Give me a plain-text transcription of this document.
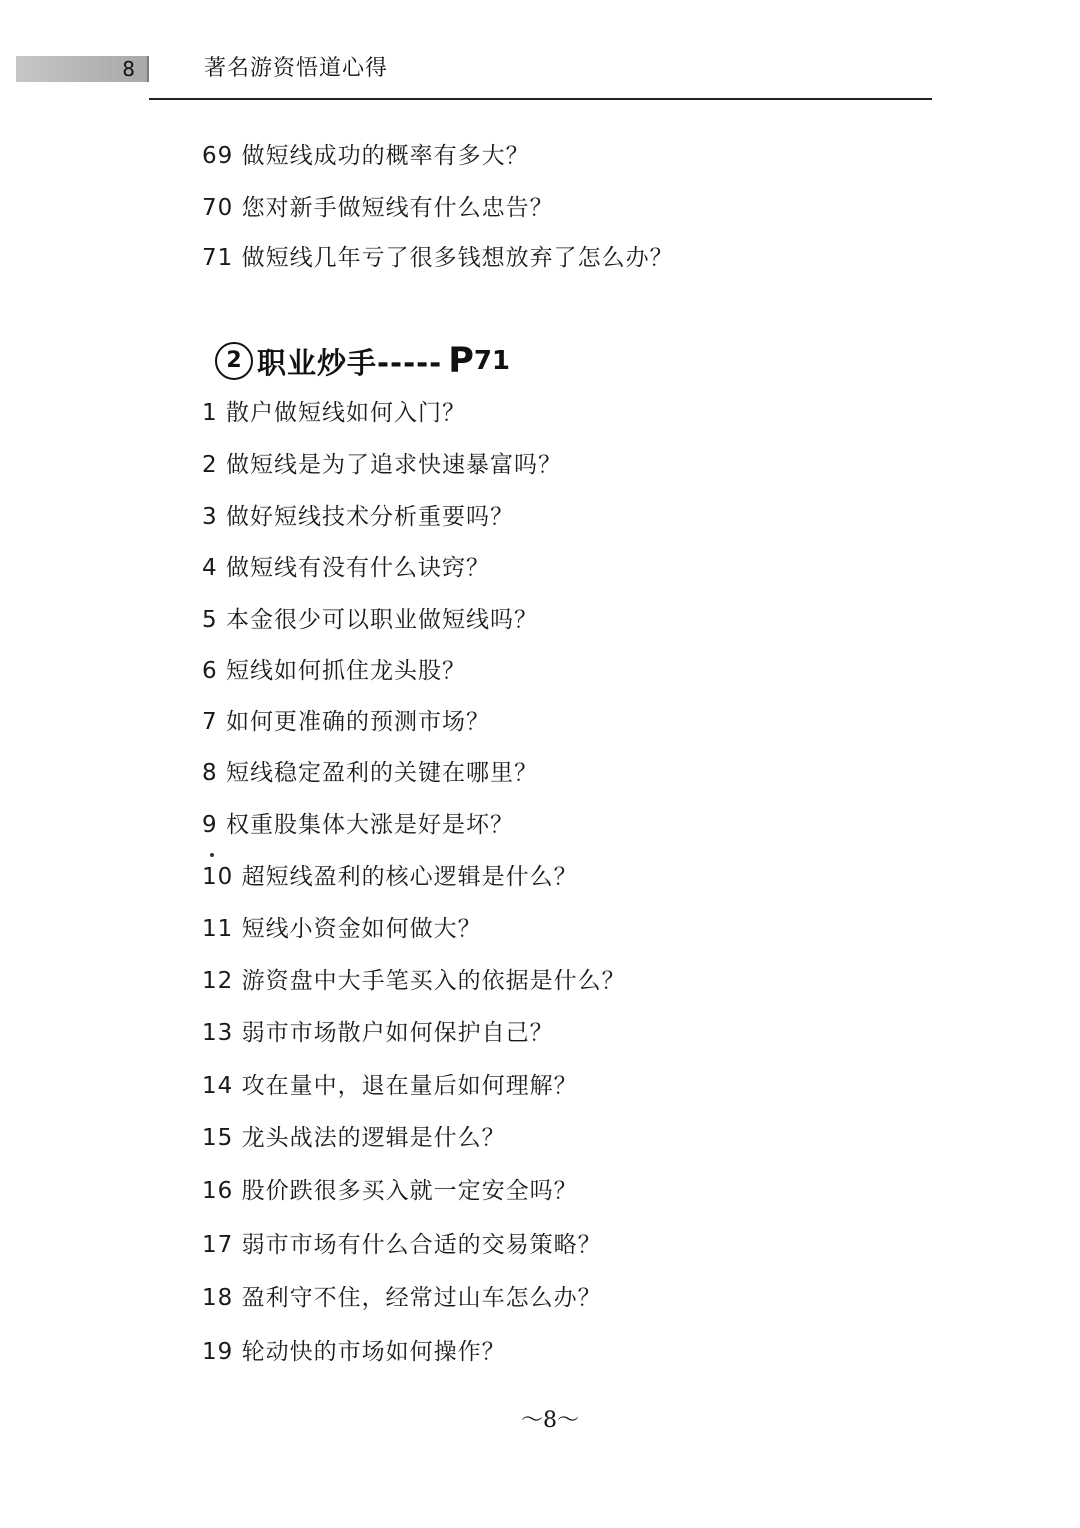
8	著名游资悟道心得
69 做短线成功的概率有多大？
70 您对新手做短线有什么忠告？
71 做短线几年亏了很多钱想放弃了怎么办？
2 职业炒手----- P 71
1 散户做短线如何入门？
2 做短线是为了追求快速暴富吗？
3 做好短线技术分析重要吗？
4 做短线有没有什么诀窍？
5 本金很少可以职业做短线吗？
6 短线如何抓住龙头股？
7 如何更准确的预测市场？
8 短线稳定盈利的关键在哪里？
9 权重股集体大涨是好是坏？
10 超短线盈利的核心逻辑是什么？
11 短线小资金如何做大？
12 游资盘中大手笔买入的依据是什么？
13 弱市市场散户如何保护自己？
14 攻在量中，退在量后如何理解？
15 龙头战法的逻辑是什么？
16 股价跌很多买入就一定安全吗？
17 弱市市场有什么合适的交易策略？
18 盈利守不住，经常过山车怎么办？
19 轮动快的市场如何操作？
～8～
